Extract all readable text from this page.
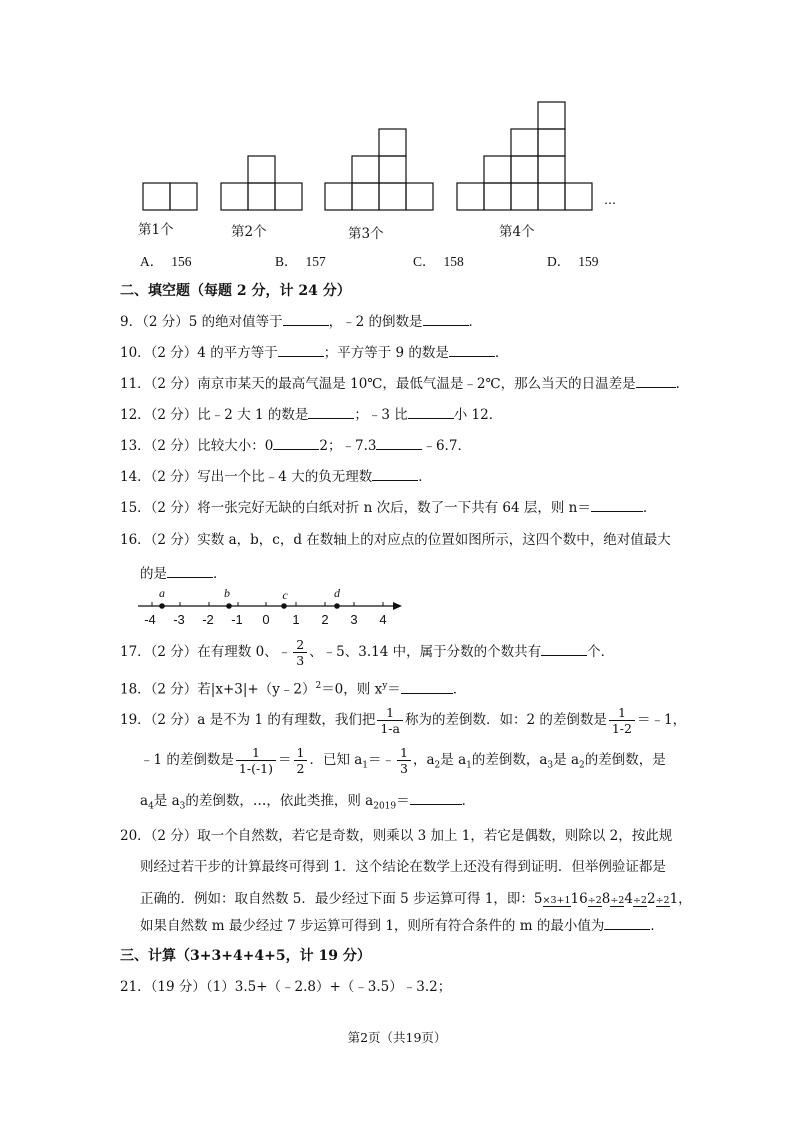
…
第1个	第2个	第3个	第4个
A． 156	B． 157	C． 158	D． 159
二、填空题（每题 2 分，计 24 分）
9．（2 分）5 的绝对值等于	，﹣2 的倒数是	．
10．（2 分）4 的平方等于	；平方等于 9 的数是	．
11．（2 分）南京市某天的最高气温是 10℃，最低气温是﹣2℃，那么当天的日温差是	．
12．（2 分）比﹣2 大 1 的数是	；﹣3 比	小 12．
13．（2 分）比较大小：0	2；﹣7.3	﹣6.7．
14．（2 分）写出一个比﹣4 大的负无理数	．
15．（2 分）将一张完好无缺的白纸对折 n 次后，数了一下共有 64 层，则 n＝	．
16．（2 分）实数 a，b，c，d 在数轴上的对应点的位置如图所示，这四个数中，绝对值最大
的是	．
-4 -3 -2 -1 0 1 2 3 4
a	b	c	d
17．（2 分）在有理数 0、﹣ $\frac{2}{3}$ 、﹣5、3.14 中，属于分数的个数共有	个．
18．（2 分）若|x+3|+（y﹣2）$^2$＝0，则 $x^y=$	．
19．（2 分）a 是不为 1 的有理数，我们把 $\frac{1}{1-a}$ 称为的差倒数．如：2 的差倒数是 $\frac{1}{1-2}$ ＝﹣1，
﹣1 的差倒数是 $\frac{1}{1-(-1)} = \frac{1}{2}$ ．已知 $a_1=﹣ \frac{1}{3}$ ，$a_2$是 $a_1$的差倒数，$a_3$是 $a_2$的差倒数，是
$a_4$是 $a_3$的差倒数，…，依此类推，则 $a_{2019}=$	．
20．（2 分）取一个自然数，若它是奇数，则乘以 3 加上 1，若它是偶数，则除以 2，按此规
则经过若干步的计算最终可得到 1．这个结论在数学上还没有得到证明．但举例验证都是
正确的．例如：取自然数 5．最少经过下面 5 步运算可得 1，即：5 ×3+1 16 ÷2 8 ÷2 4 ÷2 2 ÷2 1，
如果自然数 m 最少经过 7 步运算可得到 1，则所有符合条件的 m 的最小值为	．
三、计算（3+3+4+4+5，计 19 分）
21．（19 分）（1）3.5+（﹣2.8）+（﹣3.5）﹣3.2；
第2页（共19页）
